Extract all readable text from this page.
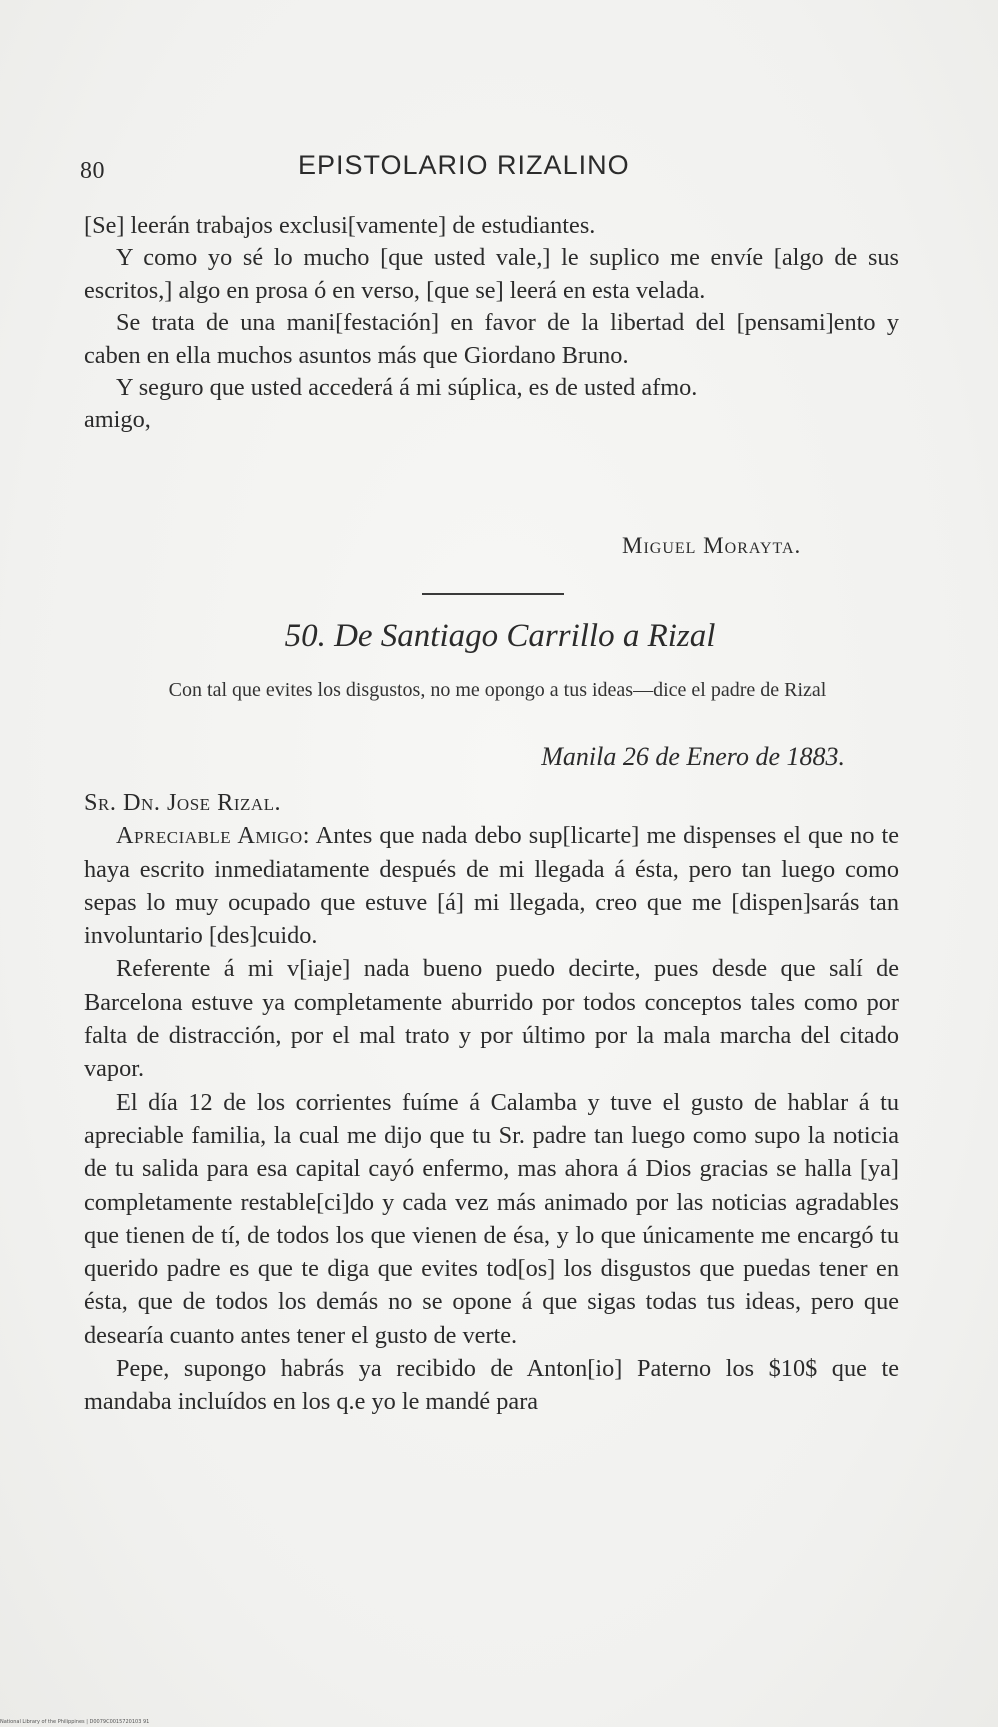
80	EPISTOLARIO RIZALINO

[Se] leerán trabajos exclusi[vamente] de estudiantes.

Y como yo sé lo mucho [que usted vale,] le suplico me envíe [algo de sus escritos,] algo en prosa ó en verso, [que se] leerá en esta velada.

Se trata de una mani[festación] en favor de la libertad del [pensami]ento y caben en ella muchos asuntos más que Giordano Bruno.

Y seguro que usted accederá á mi súplica, es de usted afmo.

amigo,

Miguel Morayta.
50. De Santiago Carrillo a Rizal
Con tal que evites los disgustos, no me opongo a tus ideas—dice el padre de Rizal
Manila 26 de Enero de 1883.

Sr. Dn. Jose Rizal.

Apreciable Amigo: Antes que nada debo sup[licarte] me dispenses el que no te haya escrito inmediatamente después de mi llegada á ésta, pero tan luego como sepas lo muy ocupado que estuve [á] mi llegada, creo que me [dispen]sarás tan involuntario [des]cuido.

Referente á mi v[iaje] nada bueno puedo decirte, pues desde que salí de Barcelona estuve ya completamente aburrido por todos conceptos tales como por falta de distracción, por el mal trato y por último por la mala marcha del citado vapor.

El día 12 de los corrientes fuíme á Calamba y tuve el gusto de hablar á tu apreciable familia, la cual me dijo que tu Sr. padre tan luego como supo la noticia de tu salida para esa capital cayó enfermo, mas ahora á Dios gracias se halla [ya] completamente restable[ci]do y cada vez más animado por las noticias agradables que tienen de tí, de todos los que vienen de ésa, y lo que únicamente me encargó tu querido padre es que te diga que evites tod[os] los disgustos que puedas tener en ésta, que de todos los demás no se opone á que sigas todas tus ideas, pero que desearía cuanto antes tener el gusto de verte.

Pepe, supongo habrás ya recibido de Anton[io] Paterno los $10$ que te mandaba incluídos en los q.e yo le mandé para

National Library of the Philippines | D0079C0015720103 91
